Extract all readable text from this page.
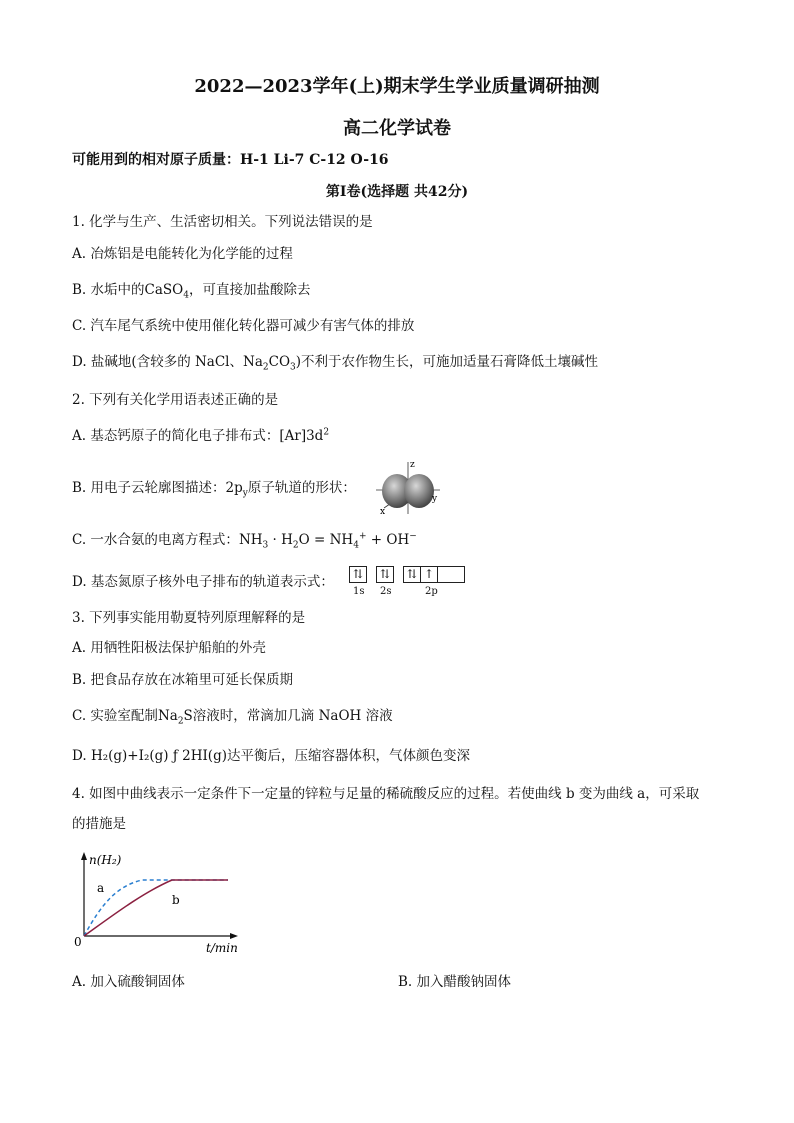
2022—2023学年(上)期末学生学业质量调研抽测
高二化学试卷
可能用到的相对原子质量：H-1 Li-7 C-12 O-16
第Ⅰ卷(选择题 共42分)
1. 化学与生产、生活密切相关。下列说法错误的是
A. 冶炼铝是电能转化为化学能的过程
B. 水垢中的CaSO$_4$，可直接加盐酸除去
C. 汽车尾气系统中使用催化转化器可减少有害气体的排放
D. 盐碱地(含较多的 NaCl、$Na_2CO_3$)不利于农作物生长，可施加适量石膏降低土壤碱性
2. 下列有关化学用语表述正确的是
A. 基态钙原子的简化电子排布式：$[Ar]3d^2$
B. 用电子云轮廓图描述：$2p_y$原子轨道的形状：
z
y
x
C. 一水合氨的电离方程式：$NH_3 \cdot H_2O = NH_4^+ + OH^-$
D. 基态氮原子核外电子排布的轨道表示式：	⇅	⇅	⇅ ↑
1s 2s	2p
3. 下列事实能用勒夏特列原理解释的是
A. 用牺牲阳极法保护船舶的外壳
B. 把食品存放在冰箱里可延长保质期
C. 实验室配制$Na_2S$溶液时，常滴加几滴 NaOH 溶液
D. H₂(g)+I₂(g) ƒ 2HI(g)达平衡后，压缩容器体积，气体颜色变深
4. 如图中曲线表示一定条件下一定量的锌粒与足量的稀硫酸反应的过程。若使曲线 b 变为曲线 a，可采取
的措施是
n(H₂)
t/min
0
a
b
A. 加入硫酸铜固体	B. 加入醋酸钠固体
